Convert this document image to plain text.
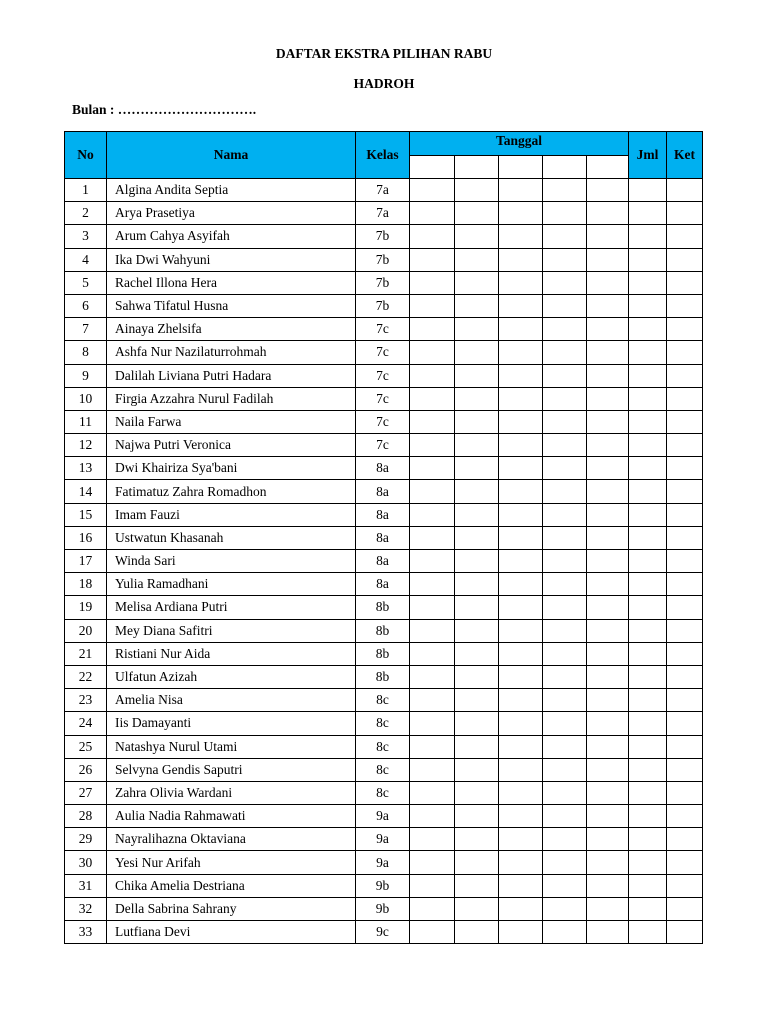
DAFTAR EKSTRA PILIHAN RABU
HADROH
Bulan : ………………………….
No	Nama	Kelas	Tanggal					Jml	Ket

1	Algina Andita Septia	7a							
2	Arya Prasetiya	7a							
3	Arum Cahya Asyifah	7b							
4	Ika Dwi Wahyuni	7b							
5	Rachel Illona Hera	7b							
6	Sahwa Tifatul Husna	7b							
7	Ainaya Zhelsifa	7c							
8	Ashfa Nur Nazilaturrohmah	7c							
9	Dalilah Liviana Putri Hadara	7c							
10	Firgia Azzahra Nurul Fadilah	7c							
11	Naila Farwa	7c							
12	Najwa Putri Veronica	7c							
13	Dwi Khairiza Sya'bani	8a							
14	Fatimatuz Zahra Romadhon	8a							
15	Imam Fauzi	8a							
16	Ustwatun Khasanah	8a							
17	Winda Sari	8a							
18	Yulia Ramadhani	8a							
19	Melisa Ardiana Putri	8b							
20	Mey Diana Safitri	8b							
21	Ristiani Nur Aida	8b							
22	Ulfatun Azizah	8b							
23	Amelia Nisa	8c							
24	Iis Damayanti	8c							
25	Natashya Nurul Utami	8c							
26	Selvyna Gendis Saputri	8c							
27	Zahra Olivia Wardani	8c							
28	Aulia Nadia Rahmawati	9a							
29	Nayralihazna Oktaviana	9a							
30	Yesi Nur Arifah	9a							
31	Chika Amelia Destriana	9b							
32	Della Sabrina Sahrany	9b							
33	Lutfiana Devi	9c							
